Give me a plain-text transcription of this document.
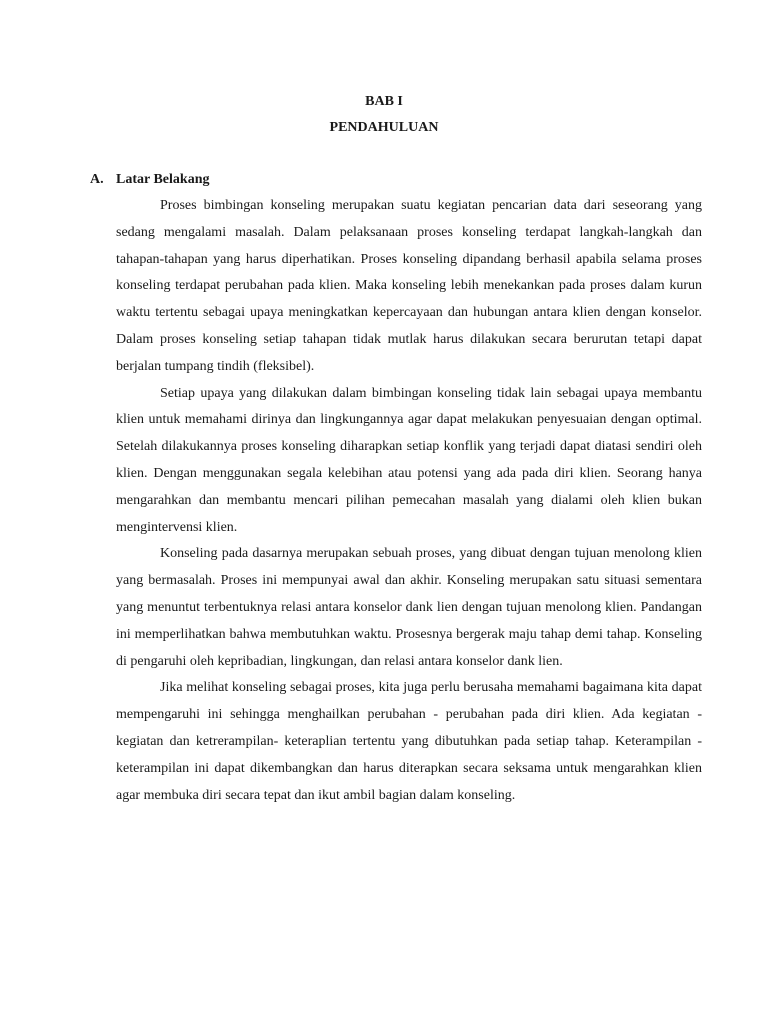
BAB I
PENDAHULUAN
A. Latar Belakang

Proses bimbingan konseling merupakan suatu kegiatan pencarian data dari seseorang yang sedang mengalami masalah. Dalam pelaksanaan proses konseling terdapat langkah-langkah dan tahapan-tahapan yang harus diperhatikan. Proses konseling dipandang berhasil apabila selama proses konseling terdapat perubahan pada klien. Maka konseling lebih menekankan pada proses dalam kurun waktu tertentu sebagai upaya meningkatkan kepercayaan dan hubungan antara klien dengan konselor. Dalam proses konseling setiap tahapan tidak mutlak harus dilakukan secara berurutan tetapi dapat berjalan tumpang tindih (fleksibel).

Setiap upaya yang dilakukan dalam bimbingan konseling tidak lain sebagai upaya membantu klien untuk memahami dirinya dan lingkungannya agar dapat melakukan penyesuaian dengan optimal. Setelah dilakukannya proses konseling diharapkan setiap konflik yang terjadi dapat diatasi sendiri oleh klien. Dengan menggunakan segala kelebihan atau potensi yang ada pada diri klien. Seorang hanya mengarahkan dan membantu mencari pilihan pemecahan masalah yang dialami oleh klien bukan mengintervensi klien.

Konseling pada dasarnya merupakan sebuah proses, yang dibuat dengan tujuan menolong klien yang bermasalah. Proses ini mempunyai awal dan akhir. Konseling merupakan satu situasi sementara yang menuntut terbentuknya relasi antara konselor dank lien dengan tujuan menolong klien. Pandangan ini memperlihatkan bahwa membutuhkan waktu. Prosesnya bergerak maju tahap demi tahap. Konseling di pengaruhi oleh kepribadian, lingkungan, dan relasi antara konselor dank lien.

Jika melihat konseling sebagai proses, kita juga perlu berusaha memahami bagaimana kita dapat mempengaruhi ini sehingga menghailkan perubahan - perubahan pada diri klien. Ada kegiatan - kegiatan dan ketrerampilan- keteraplian tertentu yang dibutuhkan pada setiap tahap. Keterampilan - keterampilan ini dapat dikembangkan dan harus diterapkan secara seksama untuk mengarahkan klien agar membuka diri secara tepat dan ikut ambil bagian dalam konseling.
